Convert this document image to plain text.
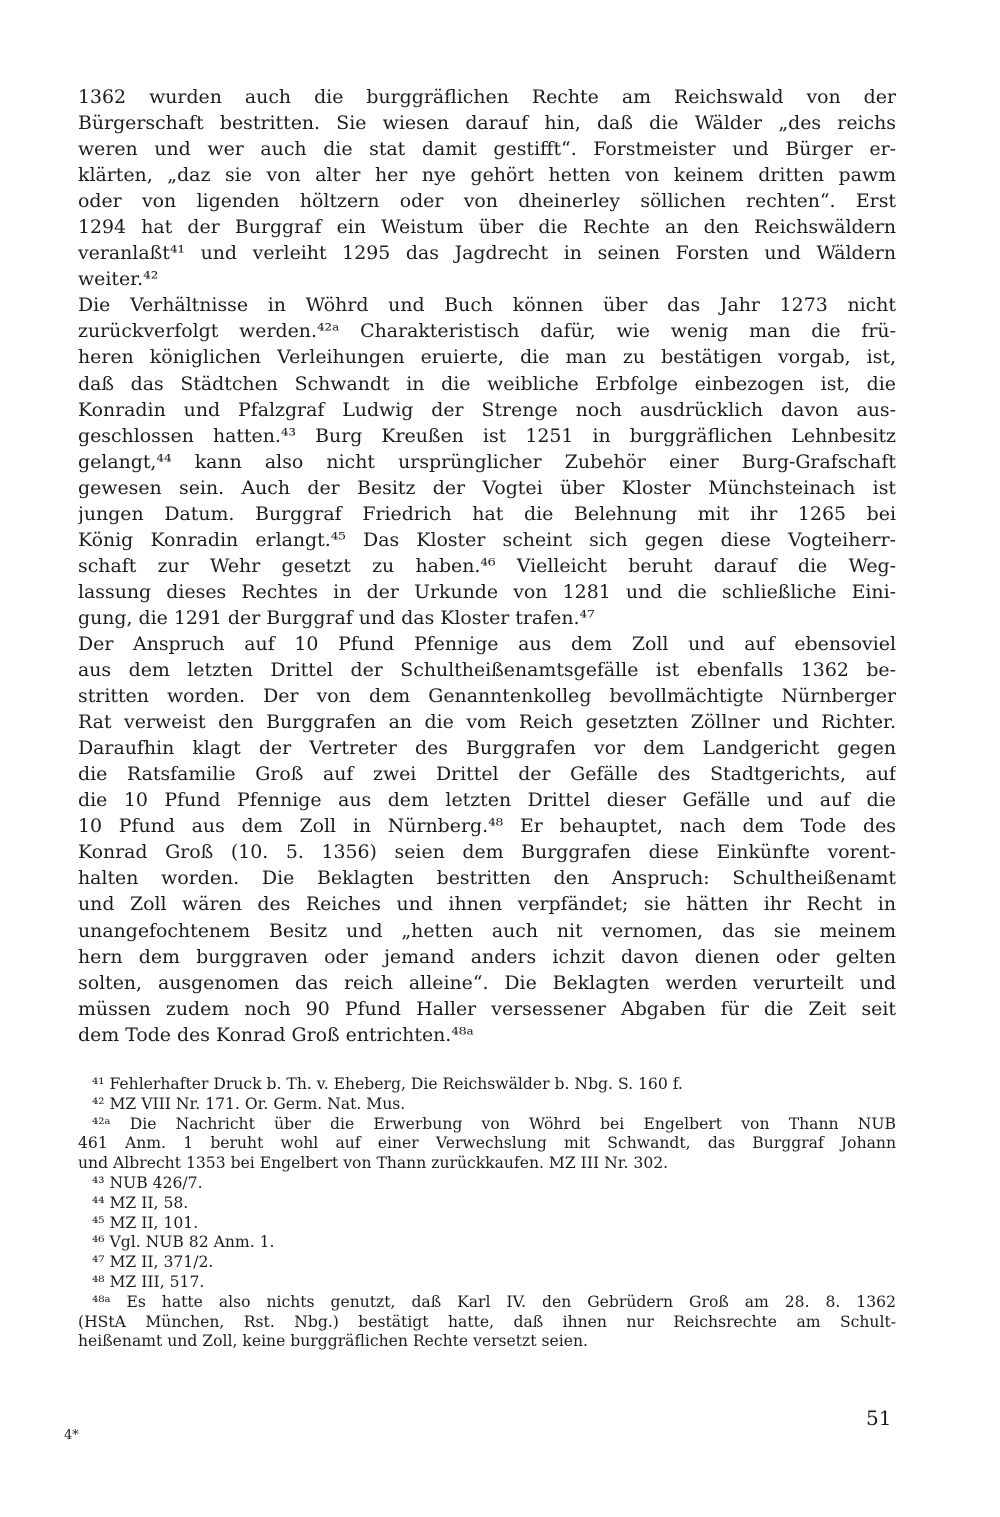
1362 wurden auch die burggräflichen Rechte am Reichswald von der
Bürgerschaft bestritten. Sie wiesen darauf hin, daß die Wälder „des reichs
weren und wer auch die stat damit gestifft“. Forstmeister und Bürger er-
klärten, „daz sie von alter her nye gehört hetten von keinem dritten pawm
oder von ligenden höltzern oder von dheinerley söllichen rechten“. Erst
1294 hat der Burggraf ein Weistum über die Rechte an den Reichswäldern
veranlaßt⁴¹ und verleiht 1295 das Jagdrecht in seinen Forsten und Wäldern
weiter.⁴²

Die Verhältnisse in Wöhrd und Buch können über das Jahr 1273 nicht
zurückverfolgt werden.⁴²ᵃ Charakteristisch dafür, wie wenig man die frü-
heren königlichen Verleihungen eruierte, die man zu bestätigen vorgab, ist,
daß das Städtchen Schwandt in die weibliche Erbfolge einbezogen ist, die
Konradin und Pfalzgraf Ludwig der Strenge noch ausdrücklich davon aus-
geschlossen hatten.⁴³ Burg Kreußen ist 1251 in burggräflichen Lehnbesitz
gelangt,⁴⁴ kann also nicht ursprünglicher Zubehör einer Burg-Grafschaft
gewesen sein. Auch der Besitz der Vogtei über Kloster Münchsteinach ist
jungen Datum. Burggraf Friedrich hat die Belehnung mit ihr 1265 bei
König Konradin erlangt.⁴⁵ Das Kloster scheint sich gegen diese Vogteiherr-
schaft zur Wehr gesetzt zu haben.⁴⁶ Vielleicht beruht darauf die Weg-
lassung dieses Rechtes in der Urkunde von 1281 und die schließliche Eini-
gung, die 1291 der Burggraf und das Kloster trafen.⁴⁷

Der Anspruch auf 10 Pfund Pfennige aus dem Zoll und auf ebensoviel
aus dem letzten Drittel der Schultheißenamtsgefälle ist ebenfalls 1362 be-
stritten worden. Der von dem Genanntenkolleg bevollmächtigte Nürnberger
Rat verweist den Burggrafen an die vom Reich gesetzten Zöllner und Richter.
Daraufhin klagt der Vertreter des Burggrafen vor dem Landgericht gegen
die Ratsfamilie Groß auf zwei Drittel der Gefälle des Stadtgerichts, auf
die 10 Pfund Pfennige aus dem letzten Drittel dieser Gefälle und auf die
10 Pfund aus dem Zoll in Nürnberg.⁴⁸ Er behauptet, nach dem Tode des
Konrad Groß (10. 5. 1356) seien dem Burggrafen diese Einkünfte vorent-
halten worden. Die Beklagten bestritten den Anspruch: Schultheißenamt
und Zoll wären des Reiches und ihnen verpfändet; sie hätten ihr Recht in
unangefochtenem Besitz und „hetten auch nit vernomen, das sie meinem
hern dem burggraven oder jemand anders ichzit davon dienen oder gelten
solten, ausgenomen das reich alleine“. Die Beklagten werden verurteilt und
müssen zudem noch 90 Pfund Haller versessener Abgaben für die Zeit seit
dem Tode des Konrad Groß entrichten.⁴⁸ᵃ

⁴¹ Fehlerhafter Druck b. Th. v. Eheberg, Die Reichswälder b. Nbg. S. 160 f.
⁴² MZ VIII Nr. 171. Or. Germ. Nat. Mus.
⁴²ᵃ Die Nachricht über die Erwerbung von Wöhrd bei Engelbert von Thann NUB
461 Anm. 1 beruht wohl auf einer Verwechslung mit Schwandt, das Burggraf Johann
und Albrecht 1353 bei Engelbert von Thann zurückkaufen. MZ III Nr. 302.
⁴³ NUB 426/7.
⁴⁴ MZ II, 58.
⁴⁵ MZ II, 101.
⁴⁶ Vgl. NUB 82 Anm. 1.
⁴⁷ MZ II, 371/2.
⁴⁸ MZ III, 517.
⁴⁸ᵃ Es hatte also nichts genutzt, daß Karl IV. den Gebrüdern Groß am 28. 8. 1362
(HStA München, Rst. Nbg.) bestätigt hatte, daß ihnen nur Reichsrechte am Schult-
heißenamt und Zoll, keine burggräflichen Rechte versetzt seien.
51
4*
